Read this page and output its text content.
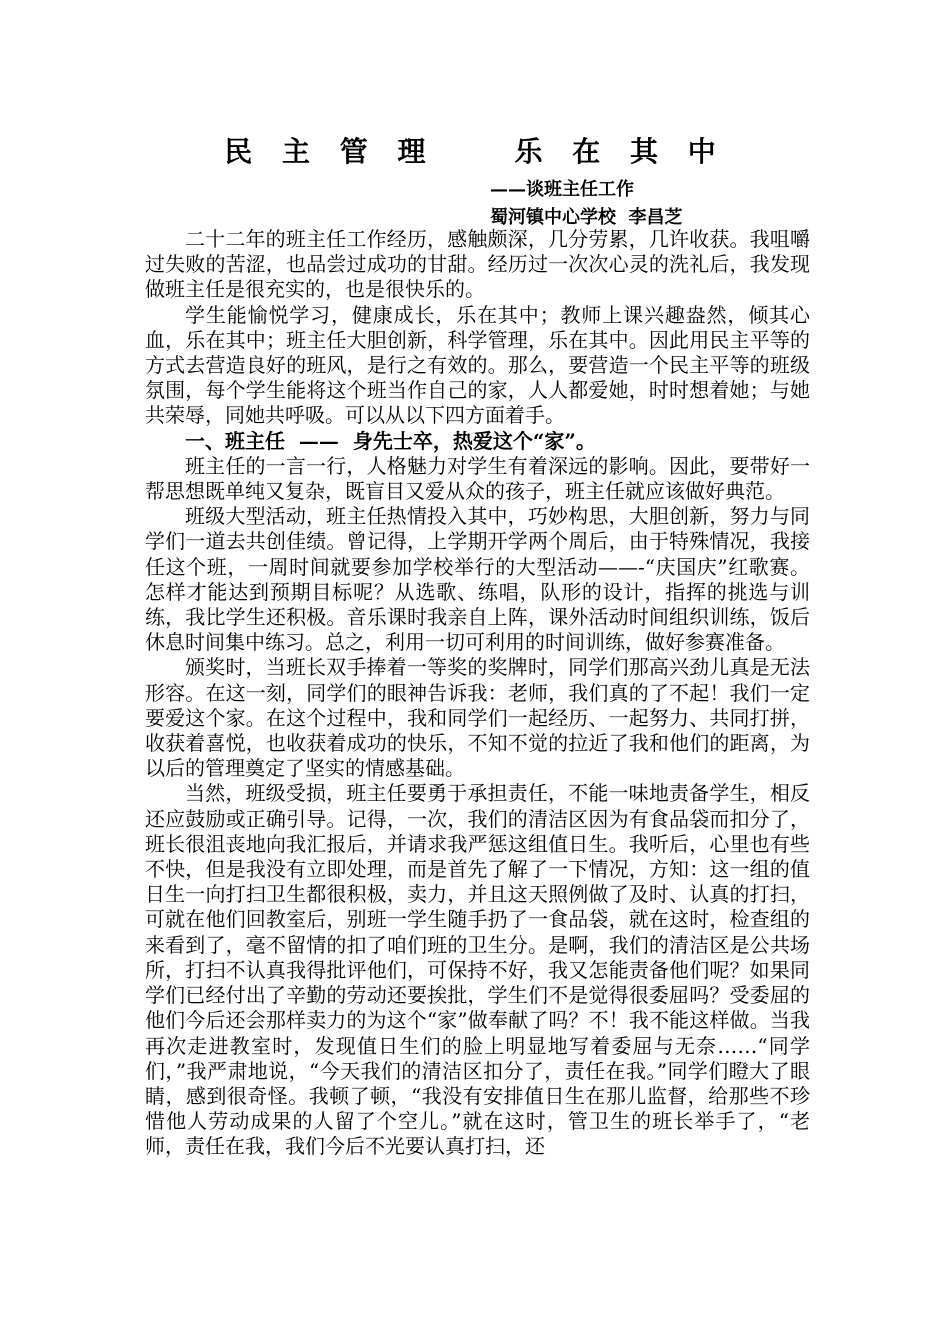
民 主 管 理    乐 在 其 中
——谈班主任工作
蜀河镇中心学校  李昌芝

二十二年的班主任工作经历，感触颇深，几分劳累，几许收获。我咀嚼过失败的苦涩，也品尝过成功的甘甜。经历过一次次心灵的洗礼后，我发现做班主任是很充实的，也是很快乐的。

学生能愉悦学习，健康成长，乐在其中；教师上课兴趣盎然，倾其心血，乐在其中；班主任大胆创新，科学管理，乐在其中。因此用民主平等的方式去营造良好的班风，是行之有效的。那么，要营造一个民主平等的班级氛围，每个学生能将这个班当作自己的家，人人都爱她，时时想着她；与她共荣辱，同她共呼吸。可以从以下四方面着手。

一、班主任  ——  身先士卒，热爱这个“家”。

班主任的一言一行，人格魅力对学生有着深远的影响。因此，要带好一帮思想既单纯又复杂，既盲目又爱从众的孩子，班主任就应该做好典范。

班级大型活动，班主任热情投入其中，巧妙构思，大胆创新，努力与同学们一道去共创佳绩。曾记得，上学期开学两个周后，由于特殊情况，我接任这个班，一周时间就要参加学校举行的大型活动——-“庆国庆”红歌赛。怎样才能达到预期目标呢？从选歌、练唱，队形的设计，指挥的挑选与训练，我比学生还积极。音乐课时我亲自上阵，课外活动时间组织训练，饭后休息时间集中练习。总之，利用一切可利用的时间训练，做好参赛准备。

颁奖时，当班长双手捧着一等奖的奖牌时，同学们那高兴劲儿真是无法形容。在这一刻，同学们的眼神告诉我：老师，我们真的了不起！我们一定要爱这个家。在这个过程中，我和同学们一起经历、一起努力、共同打拼，收获着喜悦，也收获着成功的快乐，不知不觉的拉近了我和他们的距离，为以后的管理奠定了坚实的情感基础。

当然，班级受损，班主任要勇于承担责任，不能一味地责备学生，相反还应鼓励或正确引导。记得，一次，我们的清洁区因为有食品袋而扣分了，班长很沮丧地向我汇报后，并请求我严惩这组值日生。我听后，心里也有些不快，但是我没有立即处理，而是首先了解了一下情况，方知：这一组的值日生一向打扫卫生都很积极，卖力，并且这天照例做了及时、认真的打扫，可就在他们回教室后，别班一学生随手扔了一食品袋，就在这时，检查组的来看到了，毫不留情的扣了咱们班的卫生分。是啊，我们的清洁区是公共场所，打扫不认真我得批评他们，可保持不好，我又怎能责备他们呢？如果同学们已经付出了辛勤的劳动还要挨批，学生们不是觉得很委屈吗？受委屈的他们今后还会那样卖力的为这个“家”做奉献了吗？不！我不能这样做。当我再次走进教室时，发现值日生们的脸上明显地写着委屈与无奈……“同学们，”我严肃地说，“今天我们的清洁区扣分了，责任在我。”同学们瞪大了眼睛，感到很奇怪。我顿了顿，“我没有安排值日生在那儿监督，给那些不珍惜他人劳动成果的人留了个空儿。”就在这时，管卫生的班长举手了，“老师，责任在我，我们今后不光要认真打扫，还
